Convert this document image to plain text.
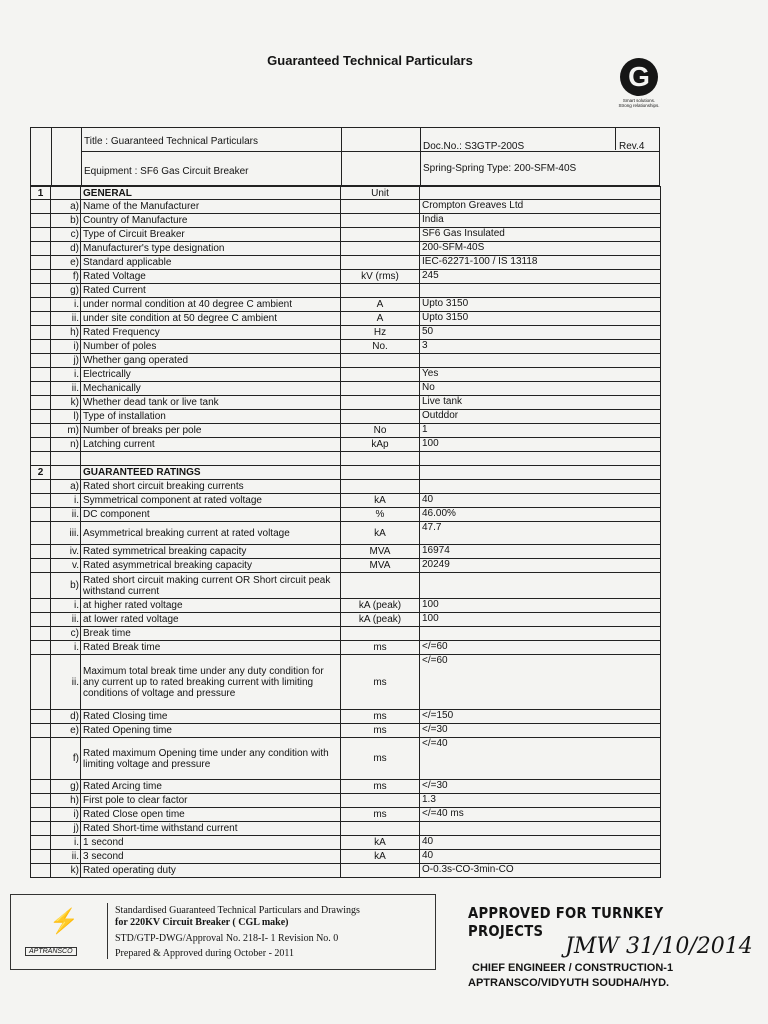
Guaranteed Technical Particulars
G
Smart solutions.
Strong relationships.
Title : Guaranteed Technical Particulars	Doc.No.: S3GTP-200S	Rev.4
Equipment : SF6 Gas Circuit Breaker	Spring-Spring Type: 200-SFM-40S
1		GENERAL	Unit	
	a)	Name of the Manufacturer		Crompton Greaves Ltd
	b)	Country of Manufacture		India
	c)	Type of Circuit Breaker		SF6 Gas Insulated
	d)	Manufacturer's type designation		200-SFM-40S
	e)	Standard applicable		IEC-62271-100 / IS 13118
	f)	Rated Voltage	kV (rms)	245
	g)	Rated Current		
	i.	under normal condition at 40 degree C ambient	A	Upto 3150
	ii.	under site condition at 50 degree C ambient	A	Upto 3150
	h)	Rated Frequency	Hz	50
	i)	Number of poles	No.	3
	j)	Whether gang operated		
	i.	Electrically		Yes
	ii.	Mechanically		No
	k)	Whether dead tank or live tank		Live tank
	l)	Type of installation		Outddor
	m)	Number of breaks per pole	No	1
	n)	Latching current	kAp	100

2		GUARANTEED RATINGS		
	a)	Rated short circuit breaking currents		
	i.	Symmetrical component at rated voltage	kA	40
	ii.	DC component	%	46.00%
	iii.	Asymmetrical breaking current at rated voltage	kA	47.7
	iv.	Rated symmetrical breaking capacity	MVA	16974
	v.	Rated asymmetrical breaking capacity	MVA	20249
	b)	Rated short circuit making current OR Short circuit peak withstand current		
	i.	at higher rated voltage	kA (peak)	100
	ii.	at lower rated voltage	kA (peak)	100
	c)	Break time		
	i.	Rated Break time	ms	</=60
	ii.	Maximum total break time under any duty condition for any current up to rated breaking current with limiting conditions of voltage and pressure	ms	</=60
	d)	Rated Closing time	ms	</=150
	e)	Rated Opening time	ms	</=30
	f)	Rated maximum Opening time under any condition with limiting voltage and pressure	ms	</=40
	g)	Rated Arcing time	ms	</=30
	h)	First pole to clear factor		1.3
	i)	Rated Close open time	ms	</=40 ms
	j)	Rated Short-time withstand current		
	i.	1 second	kA	40
	ii.	3 second	kA	40
	k)	Rated operating duty		O-0.3s-CO-3min-CO
⚡
APTRANSCO
Standardised Guaranteed Technical Particulars and Drawings
for 220KV Circuit Breaker ( CGL make)
STD/GTP-DWG/Approval No. 218-I- 1 Revision No. 0
Prepared & Approved during October - 2011
APPROVED FOR TURNKEY PROJECTS
JMW 31/10/2014
CHIEF ENGINEER / CONSTRUCTION-1
APTRANSCO/VIDYUTH SOUDHA/HYD.
